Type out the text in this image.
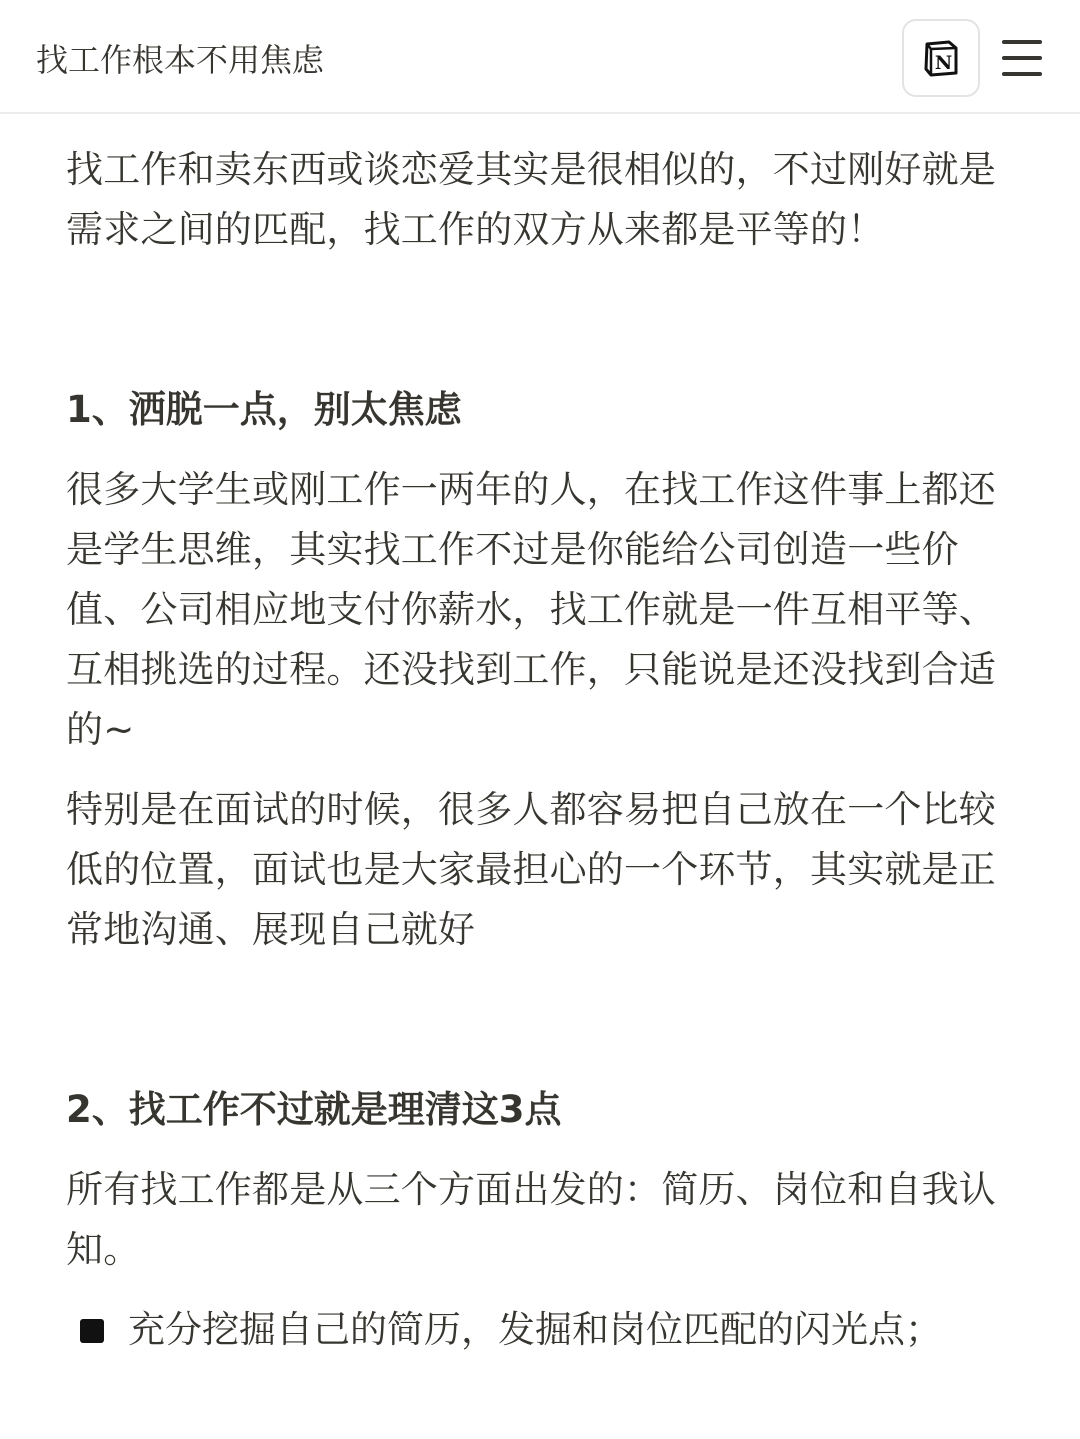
找工作根本不用焦虑	N

找工作和卖东西或谈恋爱其实是很相似的，不过刚好就是需求之间的匹配，找工作的双方从来都是平等的！

1、洒脱一点，别太焦虑

很多大学生或刚工作一两年的人，在找工作这件事上都还是学生思维，其实找工作不过是你能给公司创造一些价值、公司相应地支付你薪水，找工作就是一件互相平等、互相挑选的过程。还没找到工作，只能说是还没找到合适的~

特别是在面试的时候，很多人都容易把自己放在一个比较低的位置，面试也是大家最担心的一个环节，其实就是正常地沟通、展现自己就好

2、找工作不过就是理清这3点

所有找工作都是从三个方面出发的：简历、岗位和自我认知。

充分挖掘自己的简历，发掘和岗位匹配的闪光点；
